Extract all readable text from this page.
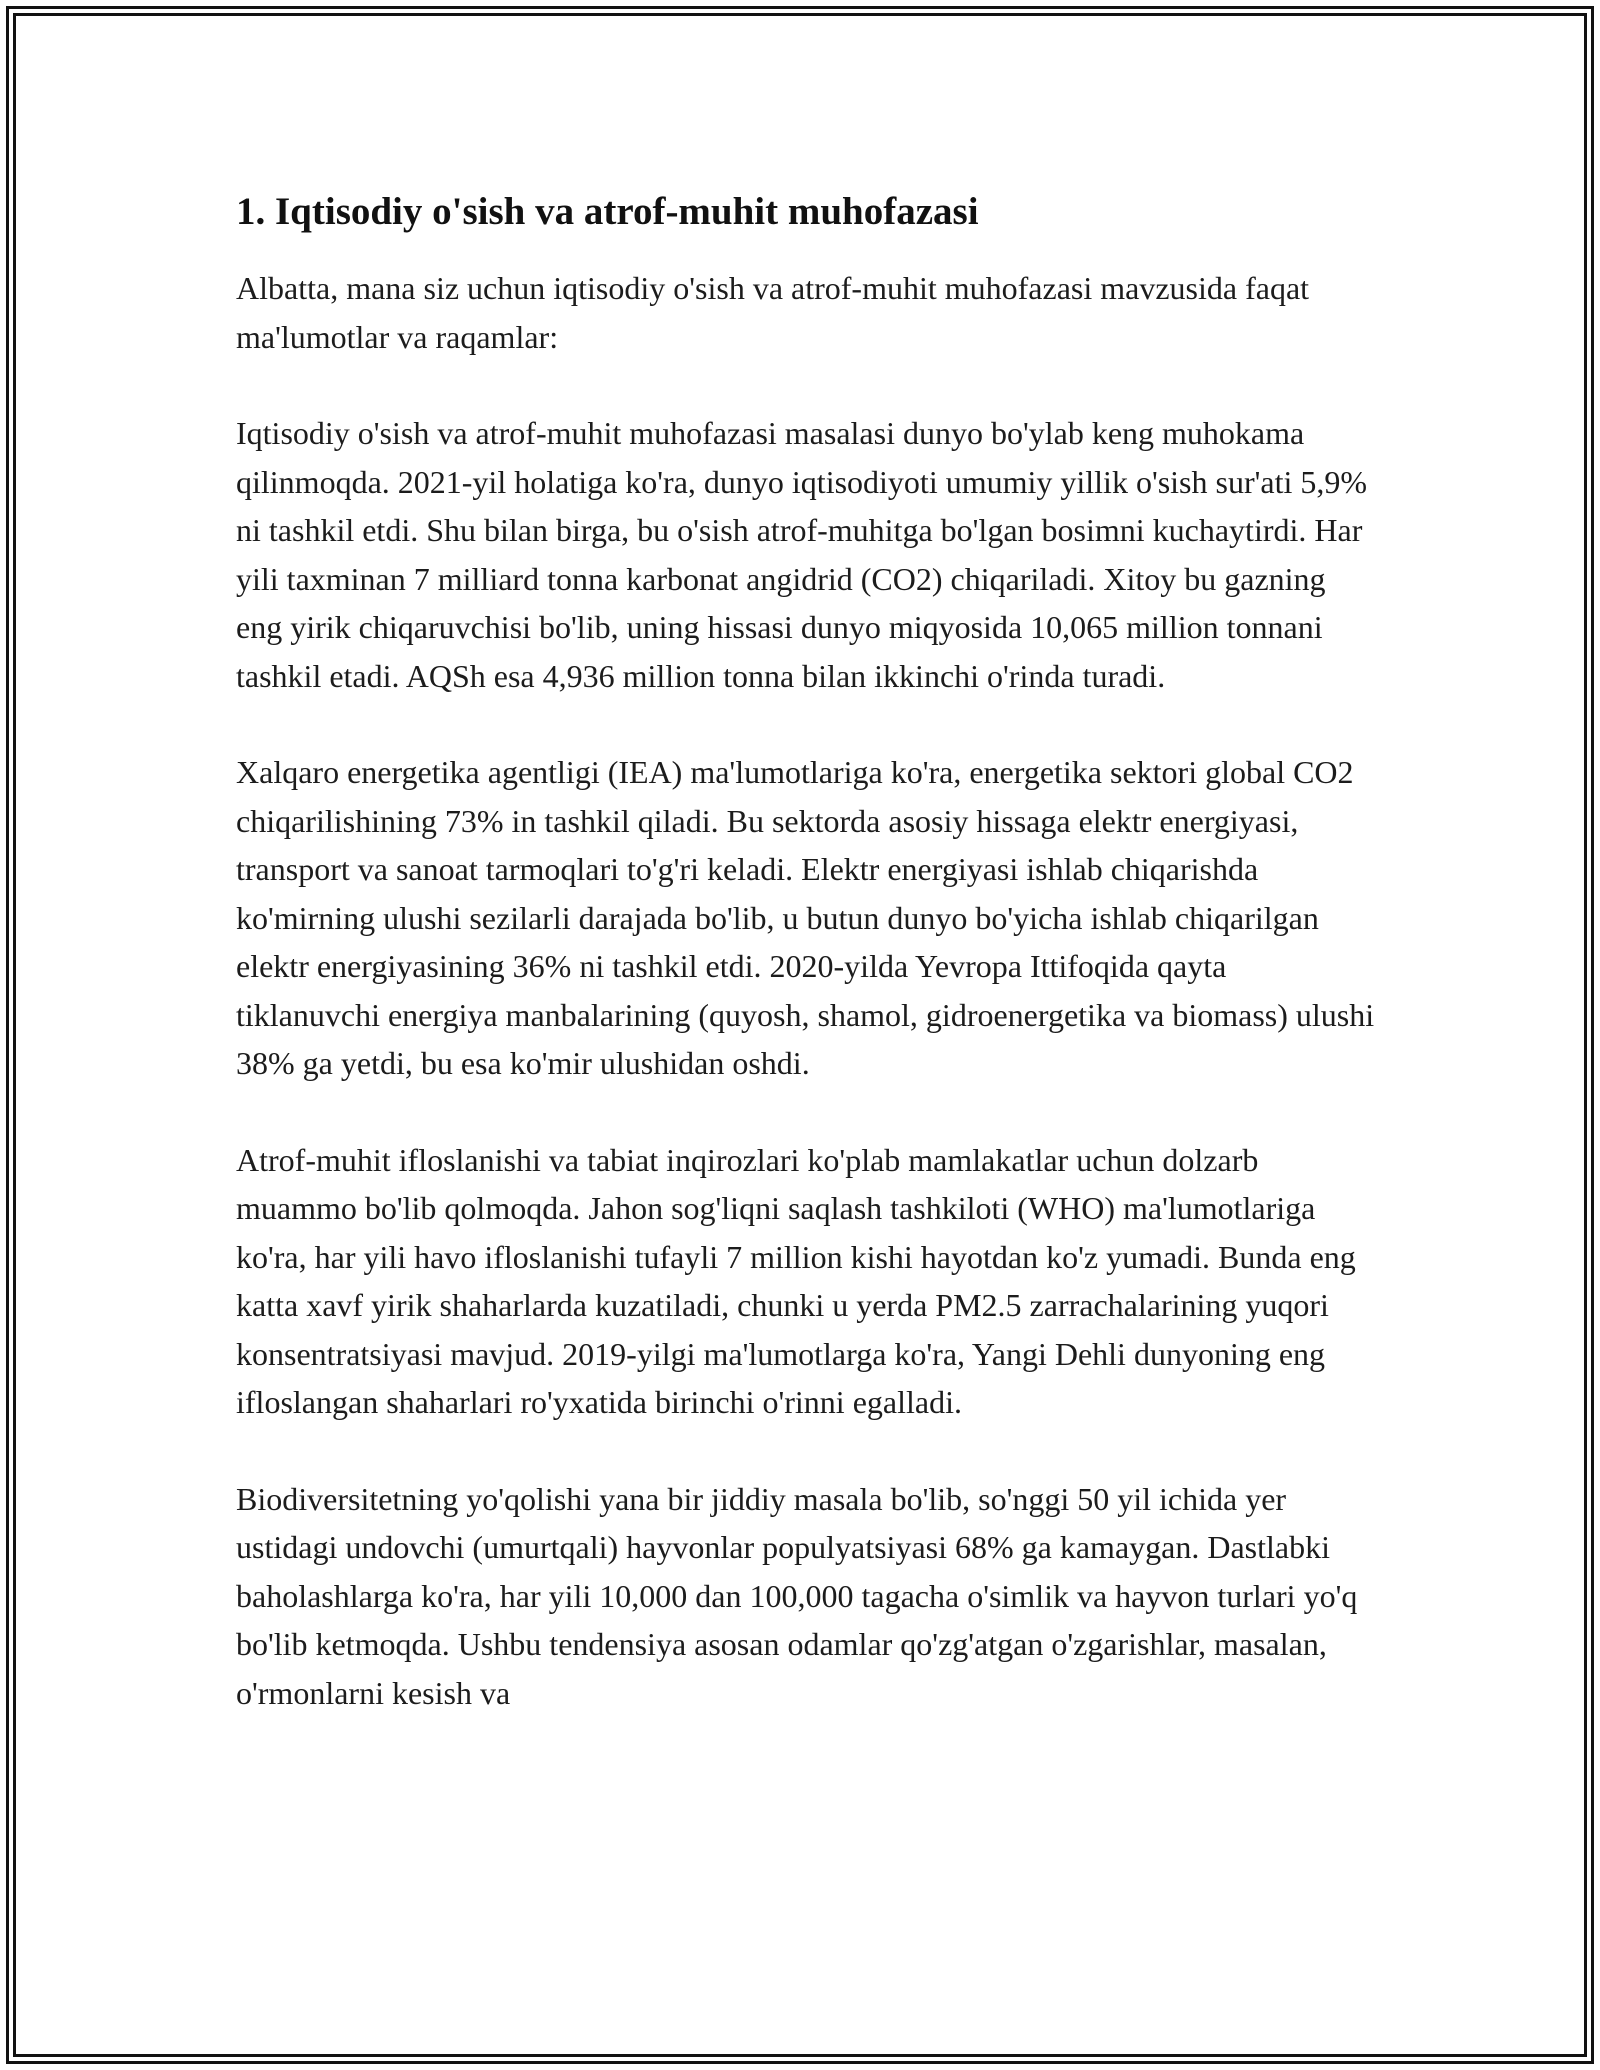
1. Iqtisodiy o'sish va atrof-muhit muhofazasi

Albatta, mana siz uchun iqtisodiy o'sish va atrof-muhit muhofazasi mavzusida faqat ma'lumotlar va raqamlar:

Iqtisodiy o'sish va atrof-muhit muhofazasi masalasi dunyo bo'ylab keng muhokama qilinmoqda. 2021-yil holatiga ko'ra, dunyo iqtisodiyoti umumiy yillik o'sish sur'ati 5,9% ni tashkil etdi. Shu bilan birga, bu o'sish atrof-muhitga bo'lgan bosimni kuchaytirdi. Har yili taxminan 7 milliard tonna karbonat angidrid (CO2) chiqariladi. Xitoy bu gazning eng yirik chiqaruvchisi bo'lib, uning hissasi dunyo miqyosida 10,065 million tonnani tashkil etadi. AQSh esa 4,936 million tonna bilan ikkinchi o'rinda turadi.

Xalqaro energetika agentligi (IEA) ma'lumotlariga ko'ra, energetika sektori global CO2 chiqarilishining 73% in tashkil qiladi. Bu sektorda asosiy hissaga elektr energiyasi, transport va sanoat tarmoqlari to'g'ri keladi. Elektr energiyasi ishlab chiqarishda ko'mirning ulushi sezilarli darajada bo'lib, u butun dunyo bo'yicha ishlab chiqarilgan elektr energiyasining 36% ni tashkil etdi. 2020-yilda Yevropa Ittifoqida qayta tiklanuvchi energiya manbalarining (quyosh, shamol, gidroenergetika va biomass) ulushi 38% ga yetdi, bu esa ko'mir ulushidan oshdi.

Atrof-muhit ifloslanishi va tabiat inqirozlari ko'plab mamlakatlar uchun dolzarb muammo bo'lib qolmoqda. Jahon sog'liqni saqlash tashkiloti (WHO) ma'lumotlariga ko'ra, har yili havo ifloslanishi tufayli 7 million kishi hayotdan ko'z yumadi. Bunda eng katta xavf yirik shaharlarda kuzatiladi, chunki u yerda PM2.5 zarrachalarining yuqori konsentratsiyasi mavjud. 2019-yilgi ma'lumotlarga ko'ra, Yangi Dehli dunyoning eng ifloslangan shaharlari ro'yxatida birinchi o'rinni egalladi.

Biodiversitetning yo'qolishi yana bir jiddiy masala bo'lib, so'nggi 50 yil ichida yer ustidagi undovchi (umurtqali) hayvonlar populyatsiyasi 68% ga kamaygan. Dastlabki baholashlarga ko'ra, har yili 10,000 dan 100,000 tagacha o'simlik va hayvon turlari yo'q bo'lib ketmoqda. Ushbu tendensiya asosan odamlar qo'zg'atgan o'zgarishlar, masalan, o'rmonlarni kesish va
